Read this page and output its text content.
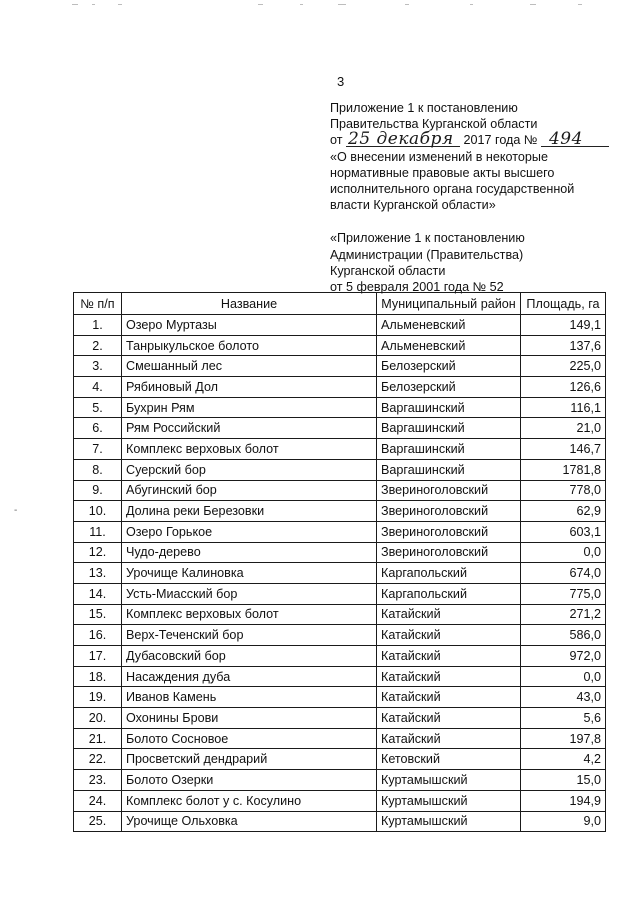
3
Приложение 1 к постановлению
Правительства Курганской области
от 25 декабря 2017 года № 494
«О внесении изменений в некоторые
нормативные правовые акты высшего
исполнительного органа государственной
власти Курганской области»
«Приложение 1 к постановлению
Администрации (Правительства)
Курганской области
от 5 февраля 2001 года № 52
-
№ п/п	Название	Муниципальный район	Площадь, га
1.	Озеро Муртазы	Альменевский	149,1
2.	Танрыкульское болото	Альменевский	137,6
3.	Смешанный лес	Белозерский	225,0
4.	Рябиновый Дол	Белозерский	126,6
5.	Бухрин Рям	Варгашинский	116,1
6.	Рям Российский	Варгашинский	21,0
7.	Комплекс верховых болот	Варгашинский	146,7
8.	Суерский бор	Варгашинский	1781,8
9.	Абугинский бор	Звериноголовский	778,0
10.	Долина реки Березовки	Звериноголовский	62,9
11.	Озеро Горькое	Звериноголовский	603,1
12.	Чудо-дерево	Звериноголовский	0,0
13.	Урочище Калиновка	Каргапольский	674,0
14.	Усть-Миасский бор	Каргапольский	775,0
15.	Комплекс верховых болот	Катайский	271,2
16.	Верх-Теченский бор	Катайский	586,0
17.	Дубасовский бор	Катайский	972,0
18.	Насаждения дуба	Катайский	0,0
19.	Иванов Камень	Катайский	43,0
20.	Охонины Брови	Катайский	5,6
21.	Болото Сосновое	Катайский	197,8
22.	Просветский дендрарий	Кетовский	4,2
23.	Болото Озерки	Куртамышский	15,0
24.	Комплекс болот у с. Косулино	Куртамышский	194,9
25.	Урочище Ольховка	Куртамышский	9,0
